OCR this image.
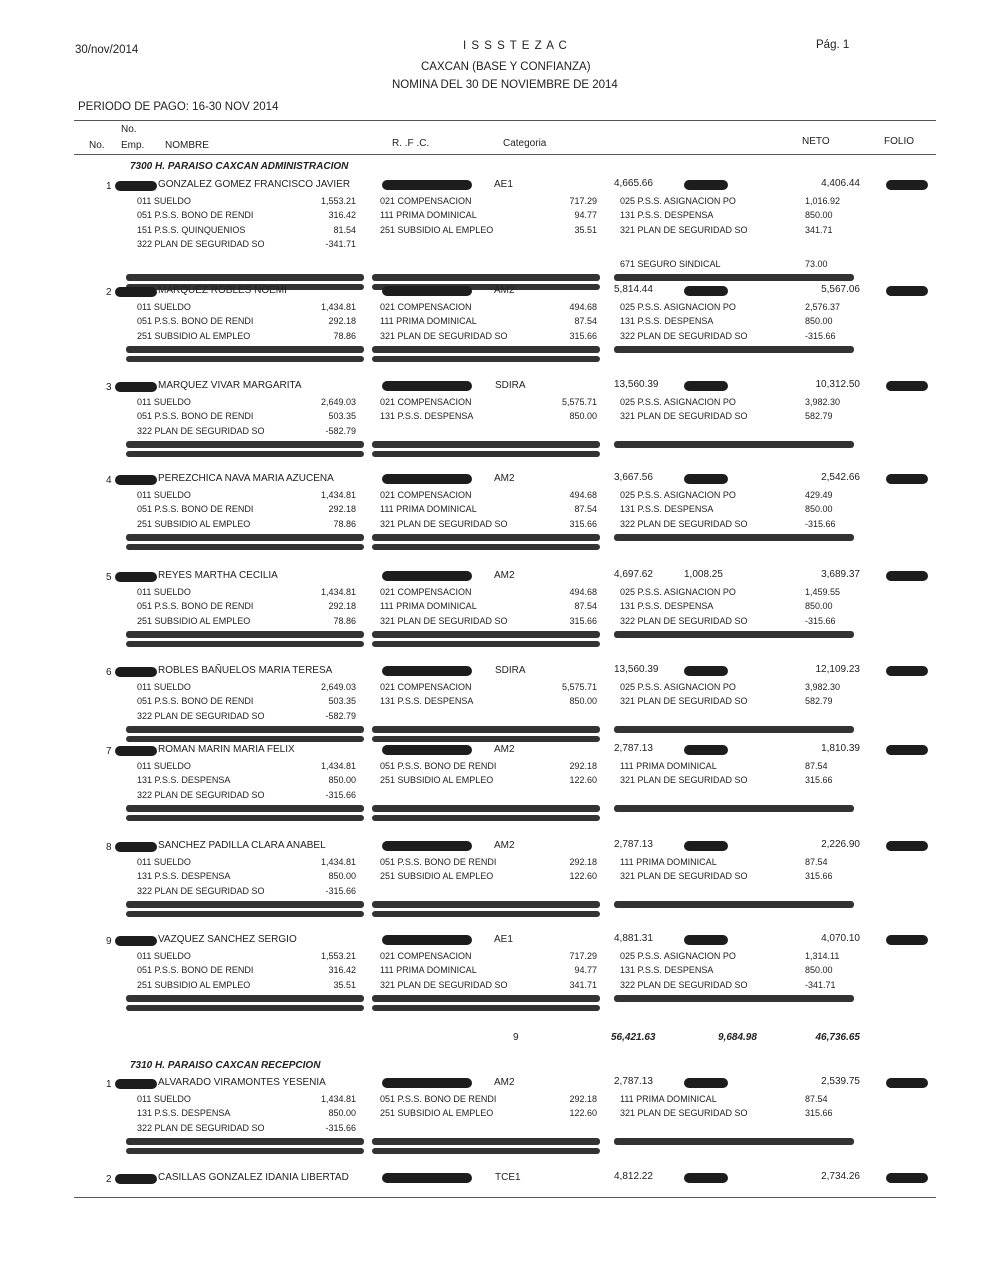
30/nov/2014	I S S S T E Z A C
CAXCAN (BASE Y CONFIANZA)
NOMINA DEL 30 DE NOVIEMBRE DE 2014
Pág. 1
PERIODO DE PAGO: 16-30 NOV 2014
No.
No. Emp. NOMBRE	R. .F .C.	Categoria	NETO	FOLIO
7300 H. PARAISO CAXCAN ADMINISTRACION
1	GONZALEZ GOMEZ FRANCISCO JAVIER	AE1	4,665.66	4,406.44
011 SUELDO	1,553.21	021 COMPENSACION	717.29	025 P.S.S. ASIGNACION PO	1,016.92
051 P.S.S. BONO DE RENDI	316.42	111 PRIMA DOMINICAL	94.77	131 P.S.S. DESPENSA	850.00
151 P.S.S. QUINQUENIOS	81.54	251 SUBSIDIO AL EMPLEO	35.51	321 PLAN DE SEGURIDAD SO	341.71
322 PLAN DE SEGURIDAD SO	-341.71
671 SEGURO SINDICAL	73.00
2	MARQUEZ ROBLES NOEMI	AM2	5,814.44	5,567.06
011 SUELDO	1,434.81	021 COMPENSACION	494.68	025 P.S.S. ASIGNACION PO	2,576.37
051 P.S.S. BONO DE RENDI	292.18	111 PRIMA DOMINICAL	87.54	131 P.S.S. DESPENSA	850.00
251 SUBSIDIO AL EMPLEO	78.86	321 PLAN DE SEGURIDAD SO	315.66	322 PLAN DE SEGURIDAD SO	-315.66
3	MARQUEZ VIVAR MARGARITA	SDIRA	13,560.39	10,312.50
011 SUELDO	2,649.03	021 COMPENSACION	5,575.71	025 P.S.S. ASIGNACION PO	3,982.30
051 P.S.S. BONO DE RENDI	503.35	131 P.S.S. DESPENSA	850.00	321 PLAN DE SEGURIDAD SO	582.79
322 PLAN DE SEGURIDAD SO	-582.79
4	PEREZCHICA NAVA MARIA AZUCENA	AM2	3,667.56	2,542.66
011 SUELDO	1,434.81	021 COMPENSACION	494.68	025 P.S.S. ASIGNACION PO	429.49
051 P.S.S. BONO DE RENDI	292.18	111 PRIMA DOMINICAL	87.54	131 P.S.S. DESPENSA	850.00
251 SUBSIDIO AL EMPLEO	78.86	321 PLAN DE SEGURIDAD SO	315.66	322 PLAN DE SEGURIDAD SO	-315.66
5	REYES MARTHA CECILIA	AM2	4,697.62	1,008.25	3,689.37
011 SUELDO	1,434.81	021 COMPENSACION	494.68	025 P.S.S. ASIGNACION PO	1,459.55
051 P.S.S. BONO DE RENDI	292.18	111 PRIMA DOMINICAL	87.54	131 P.S.S. DESPENSA	850.00
251 SUBSIDIO AL EMPLEO	78.86	321 PLAN DE SEGURIDAD SO	315.66	322 PLAN DE SEGURIDAD SO	-315.66
6	ROBLES BAÑUELOS MARIA TERESA	SDIRA	13,560.39	12,109.23
011 SUELDO	2,649.03	021 COMPENSACION	5,575.71	025 P.S.S. ASIGNACION PO	3,982.30
051 P.S.S. BONO DE RENDI	503.35	131 P.S.S. DESPENSA	850.00	321 PLAN DE SEGURIDAD SO	582.79
322 PLAN DE SEGURIDAD SO	-582.79
7	ROMAN MARIN MARIA FELIX	AM2	2,787.13	1,810.39
011 SUELDO	1,434.81	051 P.S.S. BONO DE RENDI	292.18	111 PRIMA DOMINICAL	87.54
131 P.S.S. DESPENSA	850.00	251 SUBSIDIO AL EMPLEO	122.60	321 PLAN DE SEGURIDAD SO	315.66
322 PLAN DE SEGURIDAD SO	-315.66
8	SANCHEZ PADILLA CLARA ANABEL	AM2	2,787.13	2,226.90
011 SUELDO	1,434.81	051 P.S.S. BONO DE RENDI	292.18	111 PRIMA DOMINICAL	87.54
131 P.S.S. DESPENSA	850.00	251 SUBSIDIO AL EMPLEO	122.60	321 PLAN DE SEGURIDAD SO	315.66
322 PLAN DE SEGURIDAD SO	-315.66
9	VAZQUEZ SANCHEZ SERGIO	AE1	4,881.31	4,070.10
011 SUELDO	1,553.21	021 COMPENSACION	717.29	025 P.S.S. ASIGNACION PO	1,314.11
051 P.S.S. BONO DE RENDI	316.42	111 PRIMA DOMINICAL	94.77	131 P.S.S. DESPENSA	850.00
251 SUBSIDIO AL EMPLEO	35.51	321 PLAN DE SEGURIDAD SO	341.71	322 PLAN DE SEGURIDAD SO	-341.71
9	56,421.63	9,684.98	46,736.65
7310 H. PARAISO CAXCAN RECEPCION
1	ALVARADO VIRAMONTES YESENIA	AM2	2,787.13	2,539.75
011 SUELDO	1,434.81	051 P.S.S. BONO DE RENDI	292.18	111 PRIMA DOMINICAL	87.54
131 P.S.S. DESPENSA	850.00	251 SUBSIDIO AL EMPLEO	122.60	321 PLAN DE SEGURIDAD SO	315.66
322 PLAN DE SEGURIDAD SO	-315.66
2	CASILLAS GONZALEZ IDANIA LIBERTAD	TCE1	4,812.22	2,734.26
